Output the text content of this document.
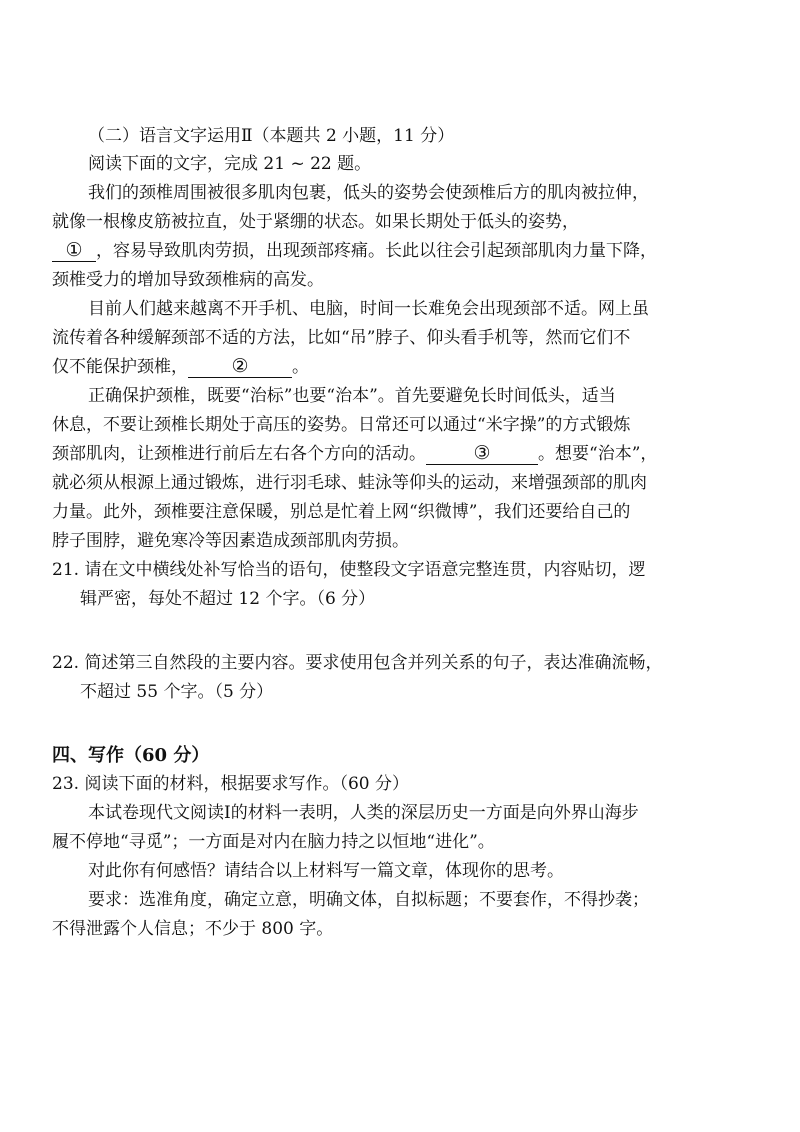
（二）语言文字运用Ⅱ（本题共 2 小题，11 分）
阅读下面的文字，完成 21 ~ 22 题。
我们的颈椎周围被很多肌肉包裹，低头的姿势会使颈椎后方的肌肉被拉伸，
就像一根橡皮筋被拉直，处于紧绷的状态。如果长期处于低头的姿势，
① ，容易导致肌肉劳损，出现颈部疼痛。长此以往会引起颈部肌肉力量下降，
颈椎受力的增加导致颈椎病的高发。
目前人们越来越离不开手机、电脑，时间一长难免会出现颈部不适。网上虽
流传着各种缓解颈部不适的方法，比如“吊”脖子、仰头看手机等，然而它们不
仅不能保护颈椎， ②	。
正确保护颈椎，既要“治标”也要“治本”。首先要避免长时间低头，适当
休息，不要让颈椎长期处于高压的姿势。日常还可以通过“米字操”的方式锻炼
颈部肌肉，让颈椎进行前后左右各个方向的活动。 ③	。想要“治本”，
就必须从根源上通过锻炼，进行羽毛球、蛙泳等仰头的运动，来增强颈部的肌肉
力量。此外，颈椎要注意保暖，别总是忙着上网“织微博”，我们还要给自己的
脖子围脖，避免寒冷等因素造成颈部肌肉劳损。
21. 请在文中横线处补写恰当的语句，使整段文字语意完整连贯，内容贴切，逻
辑严密，每处不超过 12 个字。（6 分）
22. 简述第三自然段的主要内容。要求使用包含并列关系的句子，表达准确流畅，
不超过 55 个字。（5 分）
四、写作（60 分）
23. 阅读下面的材料，根据要求写作。（60 分）
本试卷现代文阅读Ⅰ的材料一表明，人类的深层历史一方面是向外界山海步
履不停地“寻觅”；一方面是对内在脑力持之以恒地“进化”。
对此你有何感悟？请结合以上材料写一篇文章，体现你的思考。
要求：选准角度，确定立意，明确文体，自拟标题；不要套作，不得抄袭；
不得泄露个人信息；不少于 800 字。
